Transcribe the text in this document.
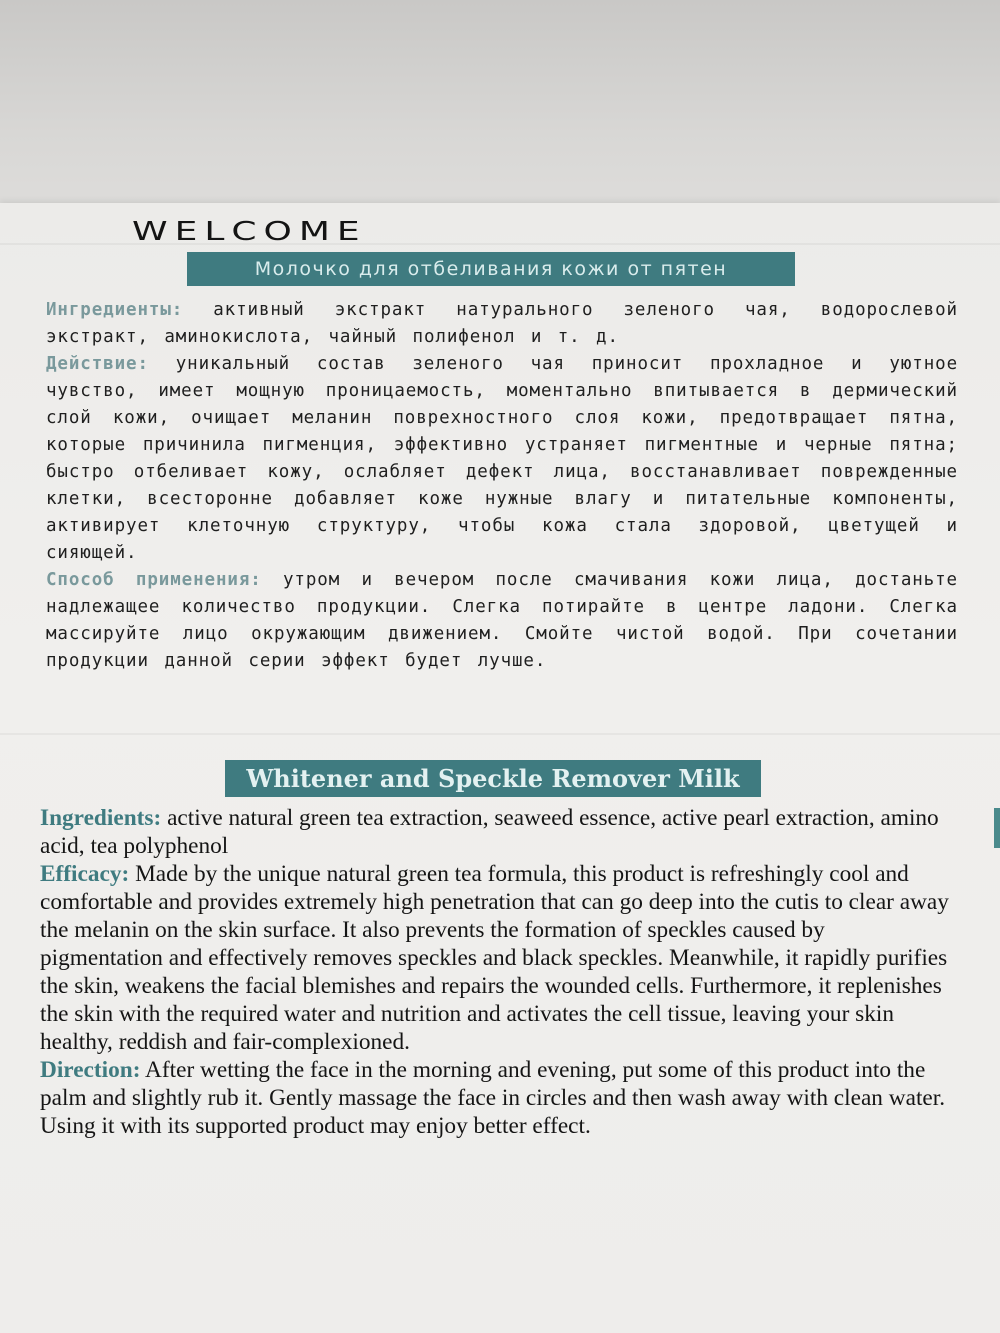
WELCOME
Молочко для отбеливания кожи от пятен

Ингредиенты: активный экстракт натурального зеленого чая, водорослевой экстракт, аминокислота, чайный полифенол и т. д.

Действие: уникальный состав зеленого чая приносит прохладное и уютное чувство, имеет мощную проницаемость, моментально впитывается в дермический слой кожи, очищает меланин поврехностного слоя кожи, предотвращает пятна, которые причинила пигменция, эффективно устраняет пигментные и черные пятна; быстро отбеливает кожу, ослабляет дефект лица, восстанавливает поврежденные клетки, всесторонне добавляет коже нужные влагу и питательные компоненты, активирует клеточную структуру, чтобы кожа стала здоровой, цветущей и сияющей.

Способ применения: утром и вечером после смачивания кожи лица, достаньте надлежащее количество продукции. Слегка потирайте в центре ладони. Слегка массируйте лицо окружающим движением. Смойте чистой водой. При сочетании продукции данной серии эффект будет лучше.

Whitener and Speckle Remover Milk

Ingredients: active natural green tea extraction, seaweed essence, active pearl extraction, amino acid, tea polyphenol

Efficacy: Made by the unique natural green tea formula, this product is refreshingly cool and comfortable and provides extremely high penetration that can go deep into the cutis to clear away the melanin on the skin surface. It also prevents the formation of speckles caused by pigmentation and effectively removes speckles and black speckles. Meanwhile, it rapidly purifies the skin, weakens the facial blemishes and repairs the wounded cells. Furthermore, it replenishes the skin with the required water and nutrition and activates the cell tissue, leaving your skin healthy, reddish and fair-complexioned.

Direction: After wetting the face in the morning and evening, put some of this product into the palm and slightly rub it. Gently massage the face in circles and then wash away with clean water. Using it with its supported product may enjoy better effect.
